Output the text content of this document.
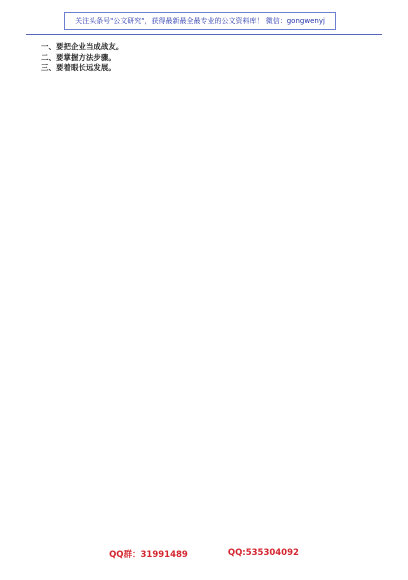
关注头条号"公文研究"，获得最新最全最专业的公文资料库！ 微信：gongwenyj

一、要把企业当成战友。

二、要掌握方法步骤。

三、要着眼长远发展。

QQ群：31991489	QQ:535304092
